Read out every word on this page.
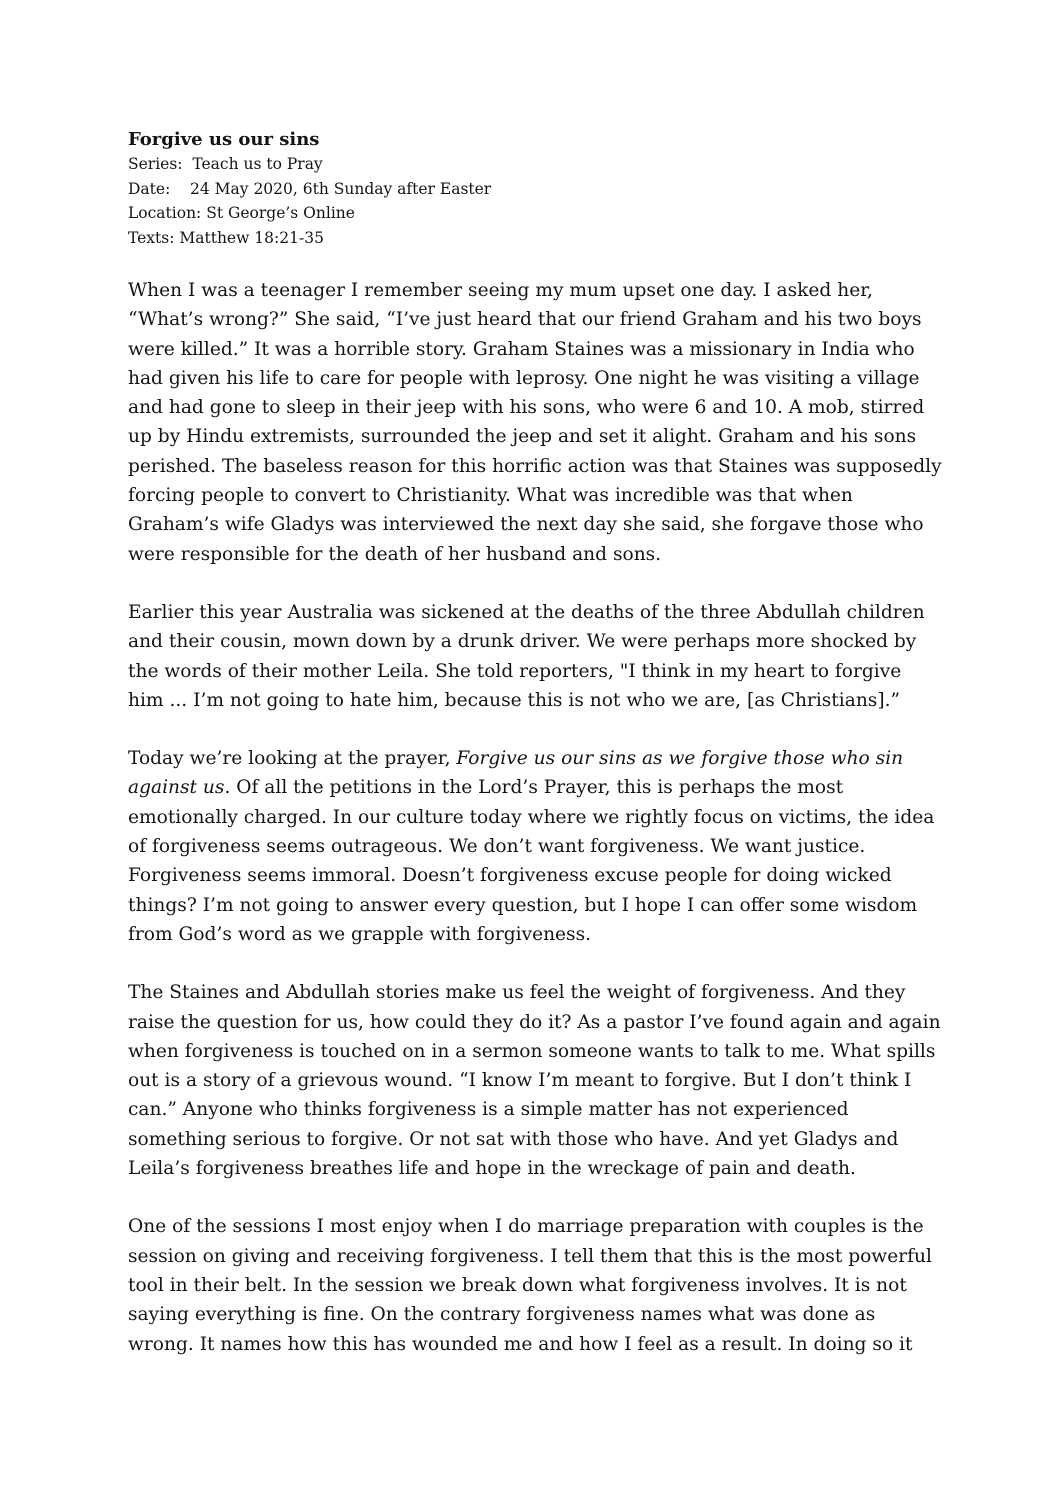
Forgive us our sins
Series:  Teach us to Pray
Date:    24 May 2020, 6th Sunday after Easter
Location: St George’s Online
Texts: Matthew 18:21-35

When I was a teenager I remember seeing my mum upset one day. I asked her,
“What’s wrong?” She said, “I’ve just heard that our friend Graham and his two boys
were killed.” It was a horrible story. Graham Staines was a missionary in India who
had given his life to care for people with leprosy. One night he was visiting a village
and had gone to sleep in their jeep with his sons, who were 6 and 10. A mob, stirred
up by Hindu extremists, surrounded the jeep and set it alight. Graham and his sons
perished. The baseless reason for this horrific action was that Staines was supposedly
forcing people to convert to Christianity. What was incredible was that when
Graham’s wife Gladys was interviewed the next day she said, she forgave those who
were responsible for the death of her husband and sons.

Earlier this year Australia was sickened at the deaths of the three Abdullah children
and their cousin, mown down by a drunk driver. We were perhaps more shocked by
the words of their mother Leila. She told reporters, "I think in my heart to forgive
him ... I’m not going to hate him, because this is not who we are, [as Christians].”

Today we’re looking at the prayer, Forgive us our sins as we forgive those who sin
against us. Of all the petitions in the Lord’s Prayer, this is perhaps the most
emotionally charged. In our culture today where we rightly focus on victims, the idea
of forgiveness seems outrageous. We don’t want forgiveness. We want justice.
Forgiveness seems immoral. Doesn’t forgiveness excuse people for doing wicked
things? I’m not going to answer every question, but I hope I can offer some wisdom
from God’s word as we grapple with forgiveness.

The Staines and Abdullah stories make us feel the weight of forgiveness. And they
raise the question for us, how could they do it? As a pastor I’ve found again and again
when forgiveness is touched on in a sermon someone wants to talk to me. What spills
out is a story of a grievous wound. “I know I’m meant to forgive. But I don’t think I
can.” Anyone who thinks forgiveness is a simple matter has not experienced
something serious to forgive. Or not sat with those who have. And yet Gladys and
Leila’s forgiveness breathes life and hope in the wreckage of pain and death.

One of the sessions I most enjoy when I do marriage preparation with couples is the
session on giving and receiving forgiveness. I tell them that this is the most powerful
tool in their belt. In the session we break down what forgiveness involves. It is not
saying everything is fine. On the contrary forgiveness names what was done as
wrong. It names how this has wounded me and how I feel as a result. In doing so it
